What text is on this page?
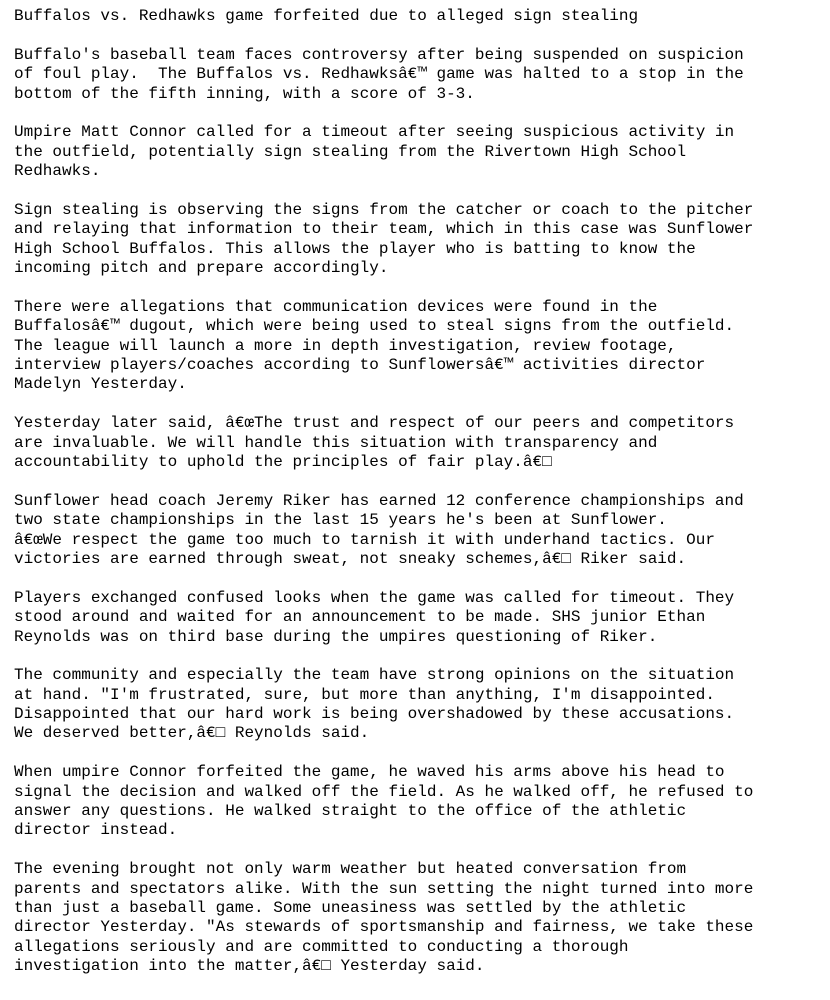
Buffalos vs. Redhawks game forfeited due to alleged sign stealing
Buffalo's baseball team faces controversy after being suspended on suspicion
of foul play.  The Buffalos vs. Redhawksâ€™ game was halted to a stop in the
bottom of the fifth inning, with a score of 3-3.
Umpire Matt Connor called for a timeout after seeing suspicious activity in
the outfield, potentially sign stealing from the Rivertown High School
Redhawks.
Sign stealing is observing the signs from the catcher or coach to the pitcher
and relaying that information to their team, which in this case was Sunflower
High School Buffalos. This allows the player who is batting to know the
incoming pitch and prepare accordingly.
There were allegations that communication devices were found in the
Buffalosâ€™ dugout, which were being used to steal signs from the outfield.
The league will launch a more in depth investigation, review footage,
interview players/coaches according to Sunflowersâ€™ activities director
Madelyn Yesterday.
Yesterday later said, â€œThe trust and respect of our peers and competitors
are invaluable. We will handle this situation with transparency and
accountability to uphold the principles of fair play.â€□
Sunflower head coach Jeremy Riker has earned 12 conference championships and
two state championships in the last 15 years he's been at Sunflower.
â€œWe respect the game too much to tarnish it with underhand tactics. Our
victories are earned through sweat, not sneaky schemes,â€□ Riker said.
Players exchanged confused looks when the game was called for timeout. They
stood around and waited for an announcement to be made. SHS junior Ethan
Reynolds was on third base during the umpires questioning of Riker.
The community and especially the team have strong opinions on the situation
at hand. "I'm frustrated, sure, but more than anything, I'm disappointed.
Disappointed that our hard work is being overshadowed by these accusations.
We deserved better,â€□ Reynolds said.
When umpire Connor forfeited the game, he waved his arms above his head to
signal the decision and walked off the field. As he walked off, he refused to
answer any questions. He walked straight to the office of the athletic
director instead.
The evening brought not only warm weather but heated conversation from
parents and spectators alike. With the sun setting the night turned into more
than just a baseball game. Some uneasiness was settled by the athletic
director Yesterday. "As stewards of sportsmanship and fairness, we take these
allegations seriously and are committed to conducting a thorough
investigation into the matter,â€□ Yesterday said.
